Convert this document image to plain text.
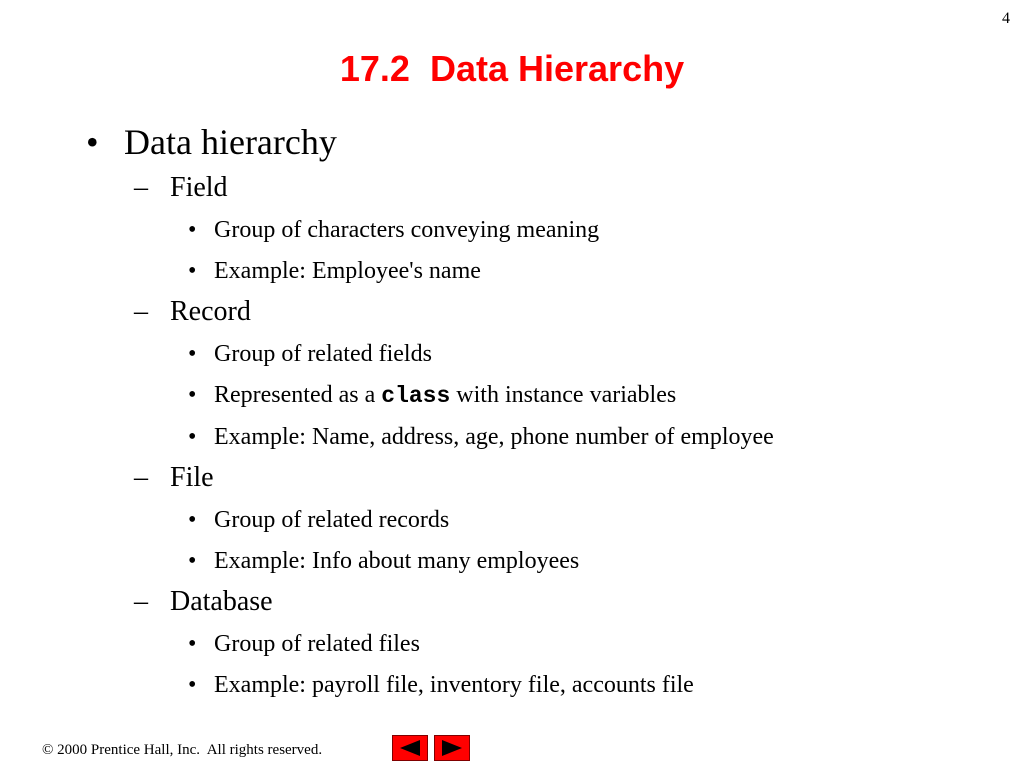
4
17.2 Data Hierarchy
• Data hierarchy
– Field
• Group of characters conveying meaning
• Example: Employee's name
– Record
• Group of related fields
• Represented as a class with instance variables
• Example: Name, address, age, phone number of employee
– File
• Group of related records
• Example: Info about many employees
– Database
• Group of related files
• Example: payroll file, inventory file, accounts file
© 2000 Prentice Hall, Inc.  All rights reserved.
